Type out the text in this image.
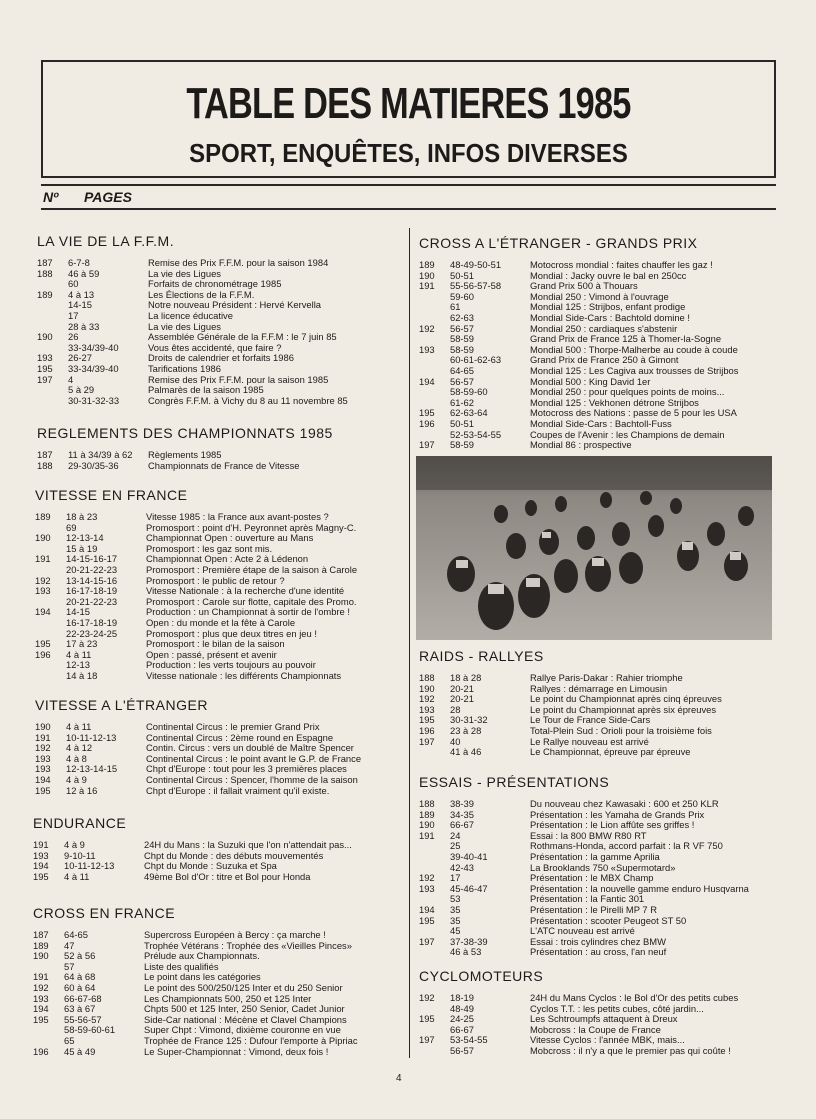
TABLE DES MATIERES 1985
SPORT, ENQUÊTES, INFOS DIVERSES
Nº PAGES
LA VIE DE LA F.F.M.
187 6-7-8	Remise des Prix F.F.M. pour la saison 1984
188 46 à 59	La vie des Ligues
60	Forfaits de chronométrage 1985
189 4 à 13	Les Élections de la F.F.M.
14-15	Notre nouveau Président : Hervé Kervella
17	La licence éducative
28 à 33	La vie des Ligues
190 26	Assemblée Générale de la F.F.M : le 7 juin 85
33-34/39-40	Vous êtes accidenté, que faire ?
193 26-27	Droits de calendrier et forfaits 1986
195 33-34/39-40	Tarifications 1986
197 4	Remise des Prix F.F.M. pour la saison 1985
5 à 29	Palmarès de la saison 1985
30-31-32-33	Congrès F.F.M. à Vichy du 8 au 11 novembre 85
REGLEMENTS DES CHAMPIONNATS 1985
187 11 à 34/39 à 62 Règlements 1985
188 29-30/35-36	Championnats de France de Vitesse
VITESSE EN FRANCE
189 18 à 23	Vitesse 1985 : la France aux avant-postes ?
69	Promosport : point d'H. Peyronnet après Magny-C.
190 12-13-14	Championnat Open : ouverture au Mans
15 à 19	Promosport : les gaz sont mis.
191 14-15-16-17	Championnat Open : Acte 2 à Lédenon
20-21-22-23	Promosport : Première étape de la saison à Carole
192 13-14-15-16	Promosport : le public de retour ?
193 16-17-18-19	Vitesse Nationale : à la recherche d'une identité
20-21-22-23	Promosport : Carole sur flotte, capitale des Promo.
194 14-15	Production : un Championnat à sortir de l'ombre !
16-17-18-19	Open : du monde et la fête à Carole
22-23-24-25	Promosport : plus que deux titres en jeu !
195 17 à 23	Promosport : le bilan de la saison
196 4 à 11	Open : passé, présent et avenir
12-13	Production : les verts toujours au pouvoir
14 à 18	Vitesse nationale : les différents Championnats
VITESSE A L'ÉTRANGER
190 4 à 11	Continental Circus : le premier Grand Prix
191 10-11-12-13	Continental Circus : 2ème round en Espagne
192 4 à 12	Contin. Circus : vers un doublé de Maître Spencer
193 4 à 8	Continental Circus : le point avant le G.P. de France
193 12-13-14-15	Chpt d'Europe : tout pour les 3 premières places
194 4 à 9	Continental Circus : Spencer, l'homme de la saison
195 12 à 16	Chpt d'Europe : il fallait vraiment qu'il existe.
ENDURANCE
191 4 à 9	24H du Mans : la Suzuki que l'on n'attendait pas...
193 9-10-11	Chpt du Monde : des débuts mouvementés
194 10-11-12-13	Chpt du Monde : Suzuka et Spa
195 4 à 11	49ème Bol d'Or : titre et Bol pour Honda
CROSS EN FRANCE
187 64-65	Supercross Européen à Bercy : ça marche !
189 47	Trophée Vétérans : Trophée des «Vieilles Pinces»
190 52 à 56	Prélude aux Championnats.
57	Liste des qualifiés
191 64 à 68	Le point dans les catégories
192 60 à 64	Le point des 500/250/125 Inter et du 250 Senior
193 66-67-68	Les Championnats 500, 250 et 125 Inter
194 63 à 67	Chpts 500 et 125 Inter, 250 Senior, Cadet Junior
195 55-56-57	Side-Car national : Mécène et Clavel Champions
58-59-60-61	Super Chpt : Vimond, dixième couronne en vue
65	Trophée de France 125 : Dufour l'emporte à Pipriac
196 45 à 49	Le Super-Championnat : Vimond, deux fois !
CROSS A L'ÉTRANGER - GRANDS PRIX
189 48-49-50-51	Motocross mondial : faites chauffer les gaz !
190 50-51	Mondial : Jacky ouvre le bal en 250cc
191 55-56-57-58	Grand Prix 500 à Thouars
59-60	Mondial 250 : Vimond à l'ouvrage
61	Mondial 125 : Strijbos, enfant prodige
62-63	Mondial Side-Cars : Bachtold domine !
192 56-57	Mondial 250 : cardiaques s'abstenir
58-59	Grand Prix de France 125 à Thomer-la-Sogne
193 58-59	Mondial 500 : Thorpe-Malherbe au coude à coude
60-61-62-63	Grand Prix de France 250 à Gimont
64-65	Mondial 125 : Les Cagiva aux trousses de Strijbos
194 56-57	Mondial 500 : King David 1er
58-59-60	Mondial 250 : pour quelques points de moins...
61-62	Mondial 125 : Vekhonen détrone Strijbos
195 62-63-64	Motocross des Nations : passe de 5 pour les USA
196 50-51	Mondial Side-Cars : Bachtoll-Fuss
52-53-54-55	Coupes de l'Avenir : les Champions de demain
197 58-59	Mondial 86 : prospective
RAIDS - RALLYES
188 18 à 28	Rallye Paris-Dakar : Rahier triomphe
190 20-21	Rallyes : démarrage en Limousin
192 20-21	Le point du Championnat après cinq épreuves
193 28	Le point du Championnat après six épreuves
195 30-31-32	Le Tour de France Side-Cars
196 23 à 28	Total-Plein Sud : Orioli pour la troisième fois
197 40	Le Rallye nouveau est arrivé
41 à 46	Le Championnat, épreuve par épreuve
ESSAIS - PRÉSENTATIONS
188 38-39	Du nouveau chez Kawasaki : 600 et 250 KLR
189 34-35	Présentation : les Yamaha de Grands Prix
190 66-67	Présentation : le Lion affûte ses griffes !
191 24	Essai : la 800 BMW R80 RT
25	Rothmans-Honda, accord parfait : la R VF 750
39-40-41	Présentation : la gamme Aprilia
42-43	La Brooklands 750 «Supermotard»
192 17	Présentation : le MBX Champ
193 45-46-47	Présentation : la nouvelle gamme enduro Husqvarna
53	Présentation : la Fantic 301
194 35	Présentation : le Pirelli MP 7 R
195 35	Présentation : scooter Peugeot ST 50
45	L'ATC nouveau est arrivé
197 37-38-39	Essai : trois cylindres chez BMW
46 à 53	Présentation : au cross, l'an neuf
CYCLOMOTEURS
192 18-19	24H du Mans Cyclos : le Bol d'Or des petits cubes
48-49	Cyclos T.T. : les petits cubes, côté jardin...
195 24-25	Les Schtroumpfs attaquent à Dreux
66-67	Mobcross : la Coupe de France
197 53-54-55	Vitesse Cyclos : l'année MBK, mais...
56-57	Mobcross : il n'y a que le premier pas qui coûte !
4
